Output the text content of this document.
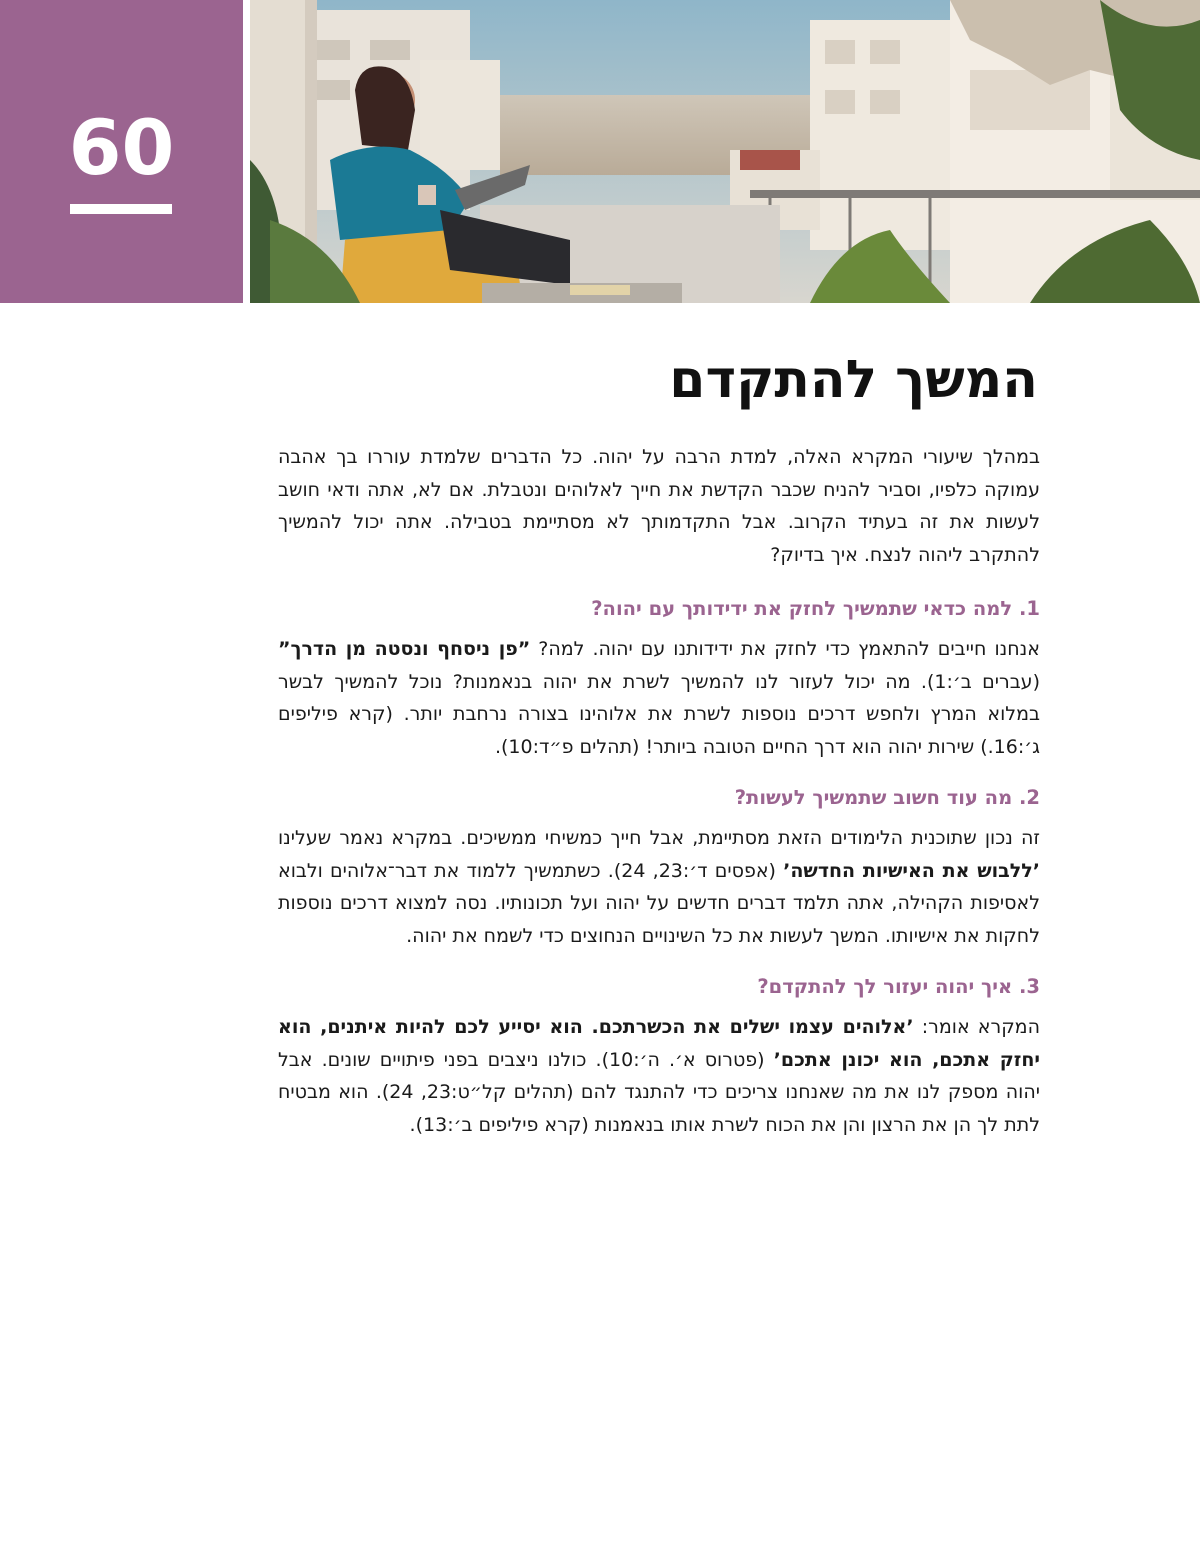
60
המשך להתקדם

במהלך שיעורי המקרא האלה, למדת הרבה על יהוה. כל הדברים שלמדת עוררו בך אהבה עמוקה כלפיו, וסביר להניח שכבר הקדשת את חייך לאלוהים ונטבלת. אם לא, אתה ודאי חושב לעשות את זה בעתיד הקרוב. אבל התקדמותך לא מסתיימת בטבילה. אתה יכול להמשיך להתקרב ליהוה לנצח. איך בדיוק?

1. למה כדאי שתמשיך לחזק את ידידותך עם יהוה?

אנחנו חייבים להתאמץ כדי לחזק את ידידותנו עם יהוה. למה? ”פן ניסחף ונסטה מן הדרך” (עברים ב׳:1). מה יכול לעזור לנו להמשיך לשרת את יהוה בנאמנות? נוכל להמשיך לבשר במלוא המרץ ולחפש דרכים נוספות לשרת את אלוהינו בצורה נרחבת יותר. (קרא פיליפים ג׳:16.) שירות יהוה הוא דרך החיים הטובה ביותר! (תהלים פ״ד:10).

2. מה עוד חשוב שתמשיך לעשות?

זה נכון שתוכנית הלימודים הזאת מסתיימת, אבל חייך כמשיחי ממשיכים. במקרא נאמר שעלינו ’ללבוש את האישיות החדשה’ (אפסים ד׳:23, 24). כשתמשיך ללמוד את דבר־אלוהים ולבוא לאסיפות הקהילה, אתה תלמד דברים חדשים על יהוה ועל תכונותיו. נסה למצוא דרכים נוספות לחקות את אישיותו. המשך לעשות את כל השינויים הנחוצים כדי לשמח את יהוה.

3. איך יהוה יעזור לך להתקדם?

המקרא אומר: ’אלוהים עצמו ישלים את הכשרתכם. הוא יסייע לכם להיות איתנים, הוא יחזק אתכם, הוא יכונן אתכם’ (פטרוס א׳. ה׳:10). כולנו ניצבים בפני פיתויים שונים. אבל יהוה מספק לנו את מה שאנחנו צריכים כדי להתנגד להם (תהלים קל״ט:23, 24). הוא מבטיח לתת לך הן את הרצון והן את הכוח לשרת אותו בנאמנות (קרא פיליפים ב׳:13).
